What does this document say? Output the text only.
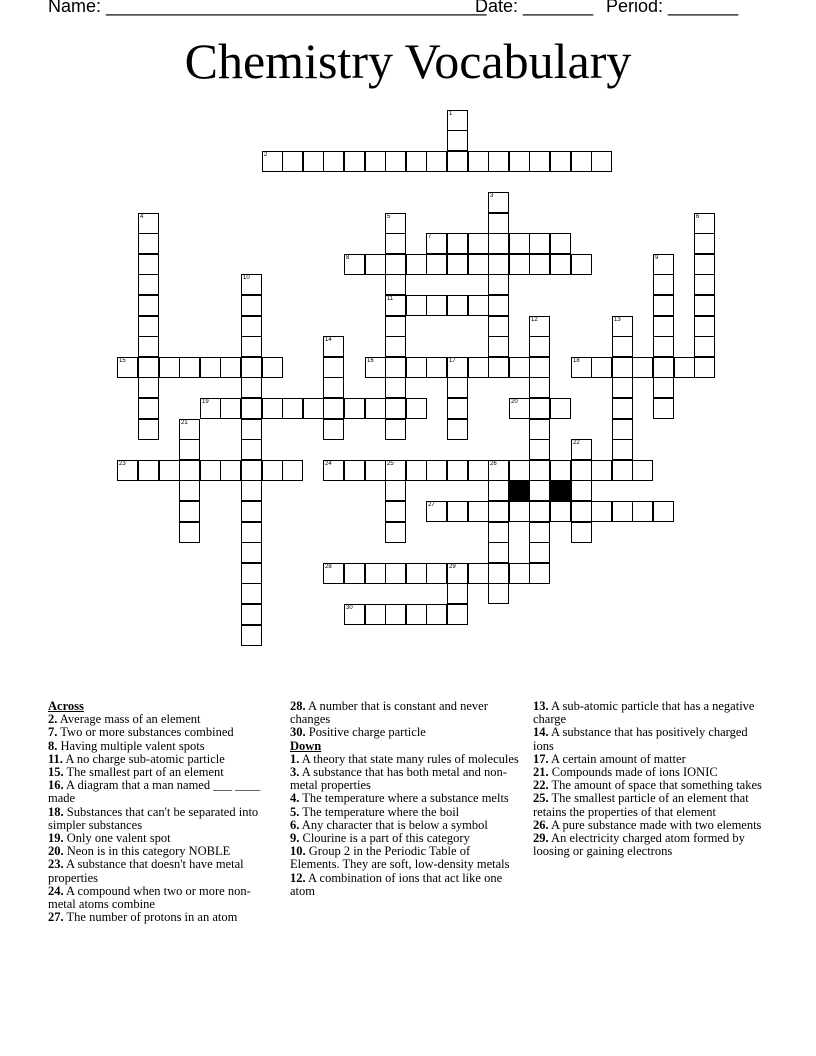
Name: ______________________________________
Date: _______ Period: _______
Chemistry Vocabulary
2
7
8
11
15	16	17	18
19	20
23	24	25	26
27
28	29
30
1
3
4	5	6
9
10
12	13
14
21
22
Across
2. Average mass of an element
7. Two or more substances combined
8. Having multiple valent spots
11. A no charge sub-atomic particle
15. The smallest part of an element
16. A diagram that a man named ___ ____ made
18. Substances that can't be separated into simpler substances
19. Only one valent spot
20. Neon is in this category NOBLE
23. A substance that doesn't have metal properties
24. A compound when two or more non-metal atoms combine
27. The number of protons in an atom
28. A number that is constant and never changes
30. Positive charge particle
Down
1. A theory that state many rules of molecules
3. A substance that has both metal and non-metal properties
4. The temperature where a substance melts
5. The temperature where the boil
6. Any character that is below a symbol
9. Clourine is a part of this category
10. Group 2 in the Periodic Table of Elements. They are soft, low-density metals
12. A combination of ions that act like one atom
13. A sub-atomic particle that has a negative charge
14. A substance that has positively charged ions
17. A certain amount of matter
21. Compounds made of ions IONIC
22. The amount of space that something takes
25. The smallest particle of an element that retains the properties of that element
26. A pure substance made with two elements
29. An electricity charged atom formed by loosing or gaining electrons
